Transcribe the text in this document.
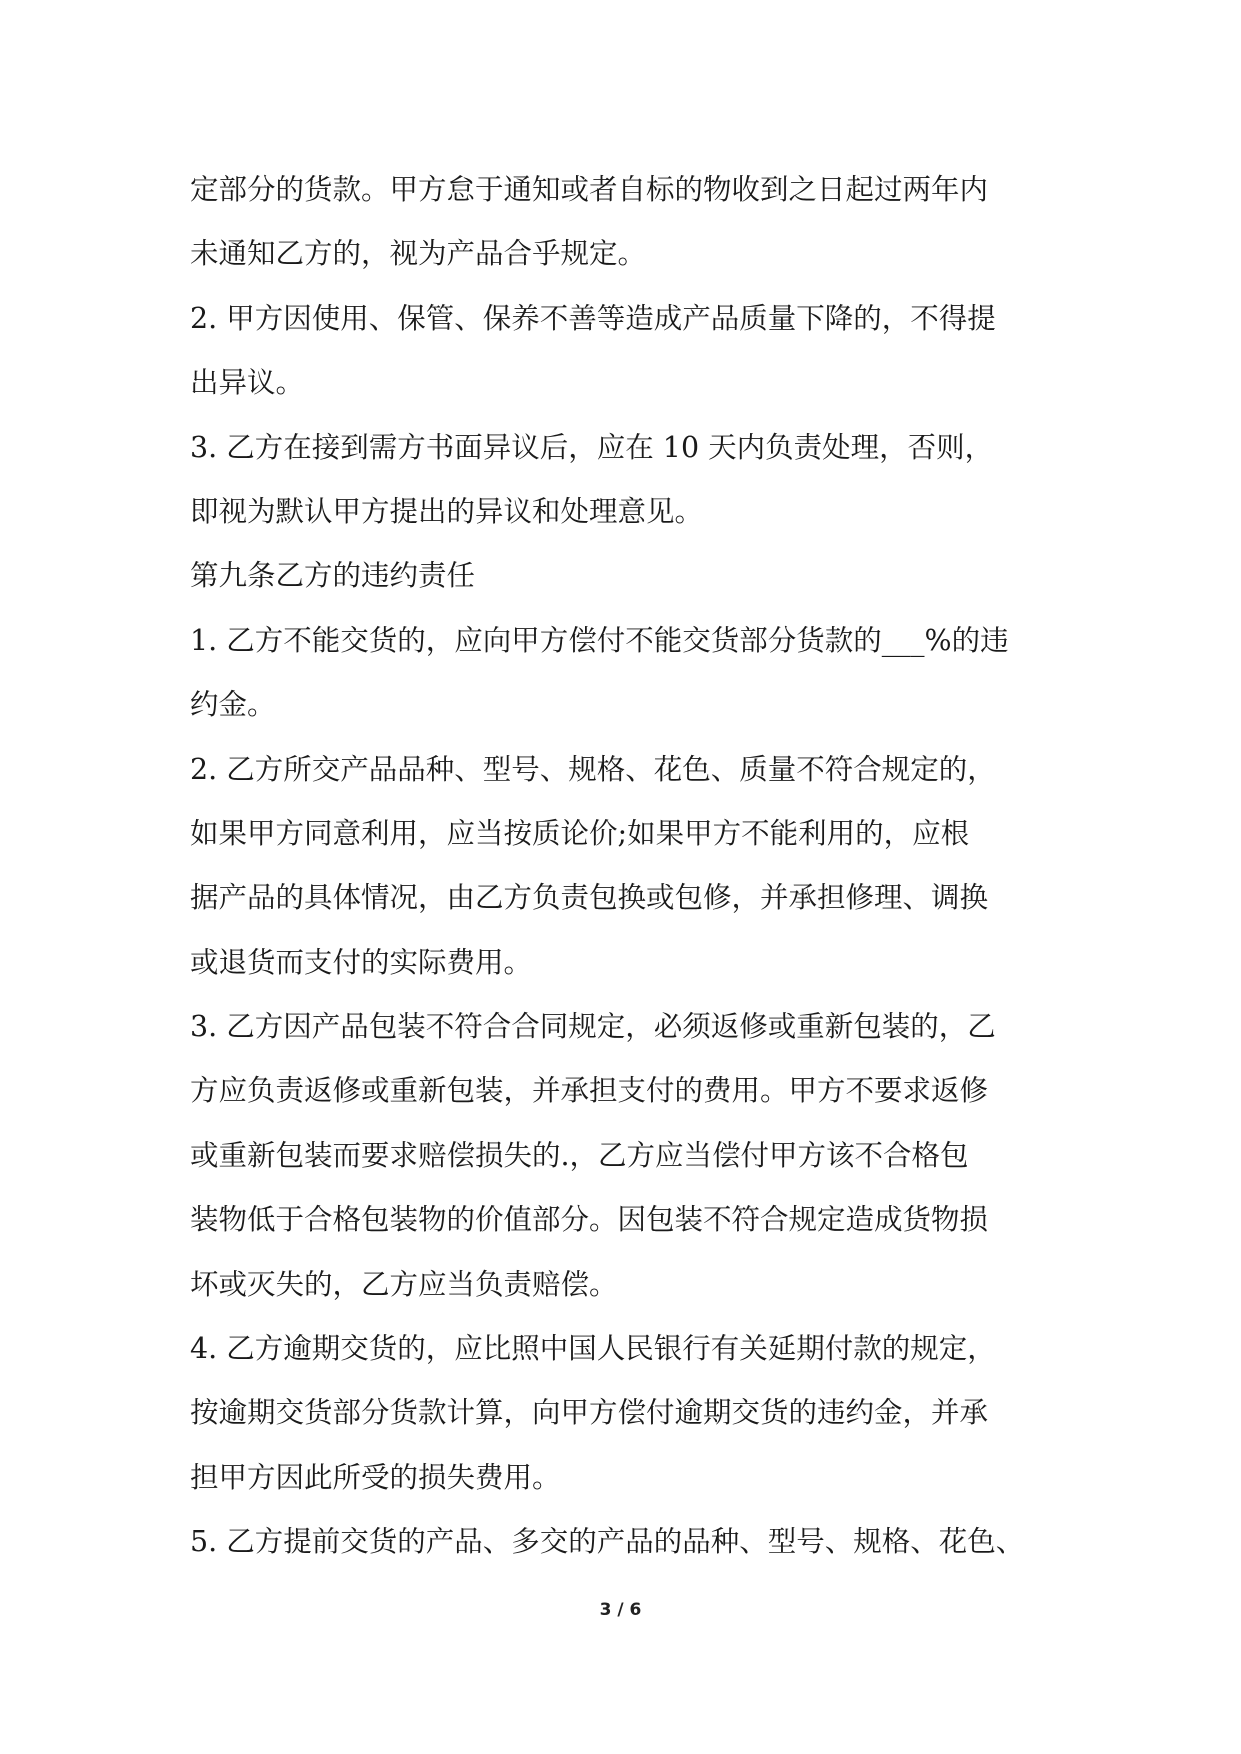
定部分的货款。甲方怠于通知或者自标的物收到之日起过两年内
未通知乙方的，视为产品合乎规定。
2. 甲方因使用、保管、保养不善等造成产品质量下降的，不得提
出异议。
3. 乙方在接到需方书面异议后，应在 10 天内负责处理，否则，
即视为默认甲方提出的异议和处理意见。
第九条乙方的违约责任
1. 乙方不能交货的，应向甲方偿付不能交货部分货款的___%的违
约金。
2. 乙方所交产品品种、型号、规格、花色、质量不符合规定的，
如果甲方同意利用，应当按质论价;如果甲方不能利用的，应根
据产品的具体情况，由乙方负责包换或包修，并承担修理、调换
或退货而支付的实际费用。
3. 乙方因产品包装不符合合同规定，必须返修或重新包装的，乙
方应负责返修或重新包装，并承担支付的费用。甲方不要求返修
或重新包装而要求赔偿损失的.，乙方应当偿付甲方该不合格包
装物低于合格包装物的价值部分。因包装不符合规定造成货物损
坏或灭失的，乙方应当负责赔偿。
4. 乙方逾期交货的，应比照中国人民银行有关延期付款的规定，
按逾期交货部分货款计算，向甲方偿付逾期交货的违约金，并承
担甲方因此所受的损失费用。
5. 乙方提前交货的产品、多交的产品的品种、型号、规格、花色、
3 / 6
